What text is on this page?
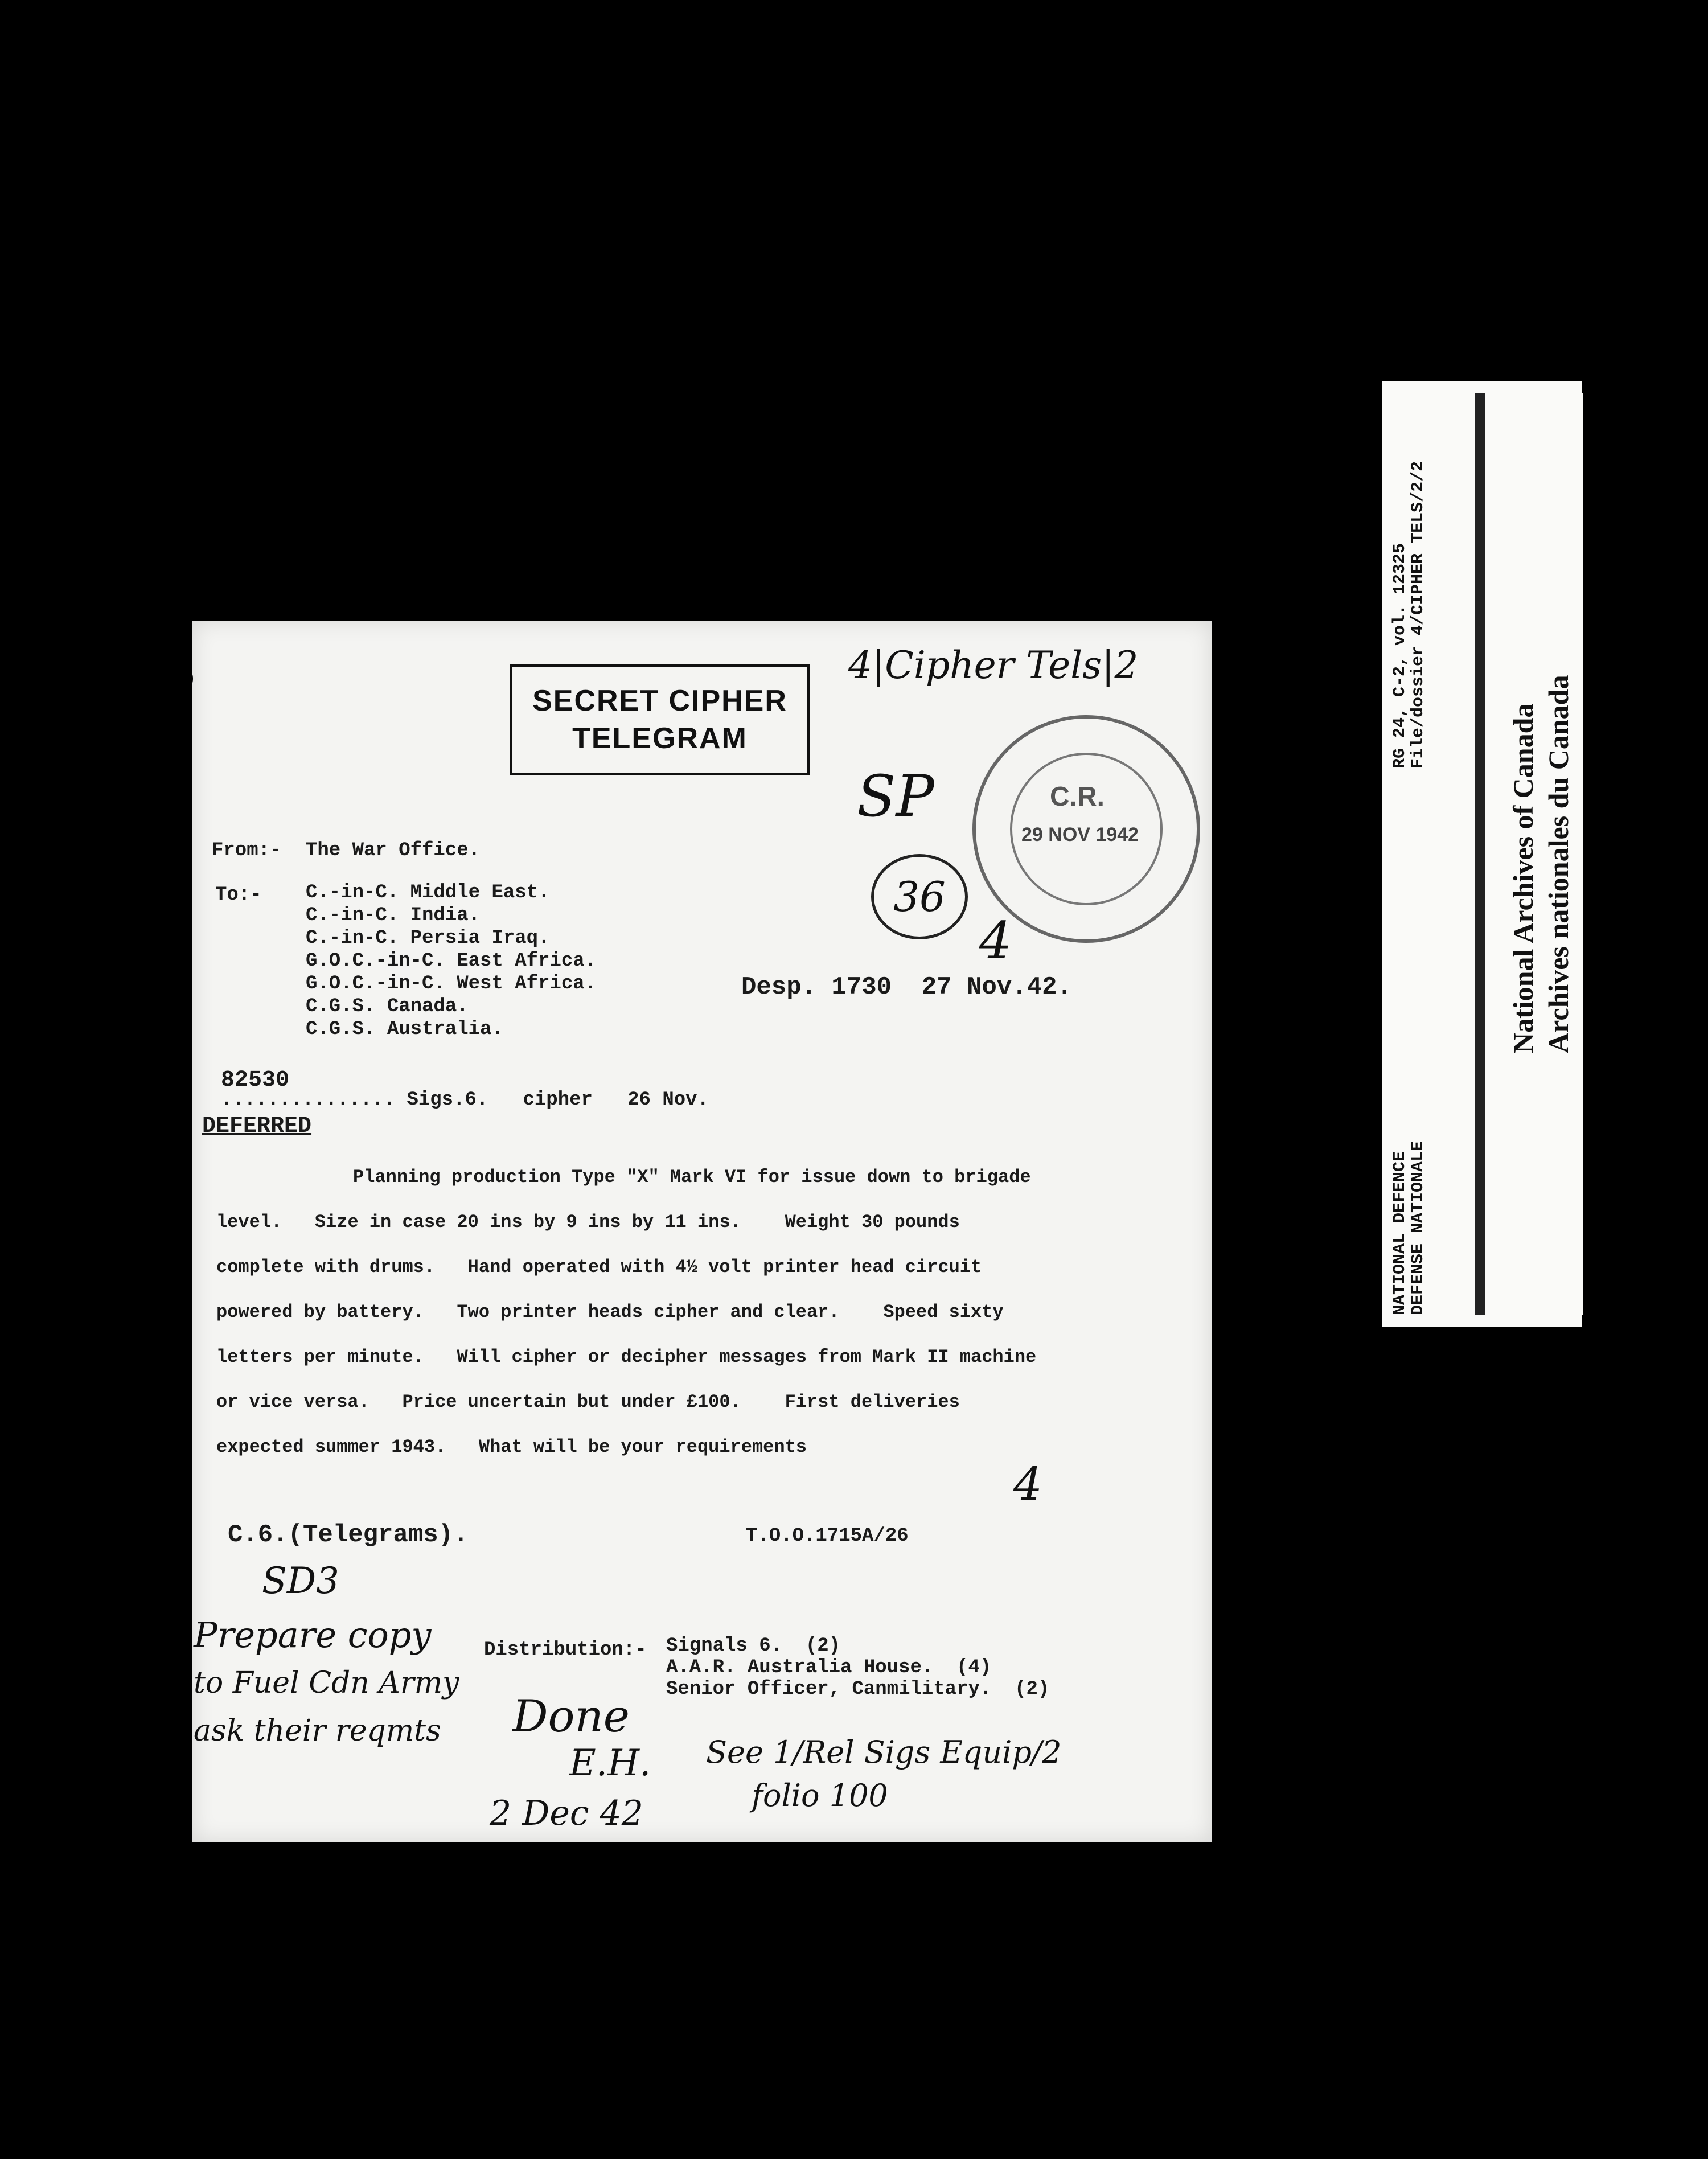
SECRET CIPHER
TELEGRAM
4|Cipher Tels|2
C.R.
29 NOV 1942
SP
36
4
From:- The War Office.
To:- C.-in-C. Middle East.
C.-in-C. India.
C.-in-C. Persia Iraq.
G.O.C.-in-C. East Africa.
G.O.C.-in-C. West Africa.
C.G.S. Canada.
C.G.S. Australia.
Desp. 1730  27 Nov.42.
82530
............... Sigs.6.   cipher   26 Nov.
DEFERRED
Planning production Type "X" Mark VI for issue down to brigade
level.   Size in case 20 ins by 9 ins by 11 ins.    Weight 30 pounds
complete with drums.   Hand operated with 4½ volt printer head circuit
powered by battery.   Two printer heads cipher and clear.    Speed sixty
letters per minute.   Will cipher or decipher messages from Mark II machine
or vice versa.   Price uncertain but under £100.    First deliveries
expected summer 1943.   What will be your requirements
C.6.(Telegrams).	T.O.O.1715A/26
4
SD3
Prepare copy
to Fuel Cdn Army
ask their reqmts
Distribution:- Signals 6.  (2)
A.A.R. Australia House.  (4)
Senior Officer, Canmilitary.  (2)
Done
E.H.
2 Dec 42
See 1/Rel Sigs Equip/2
folio 100
RG 24, C-2, vol. 12325
File/dossier 4/CIPHER TELS/2/2
NATIONAL DEFENCE
DEFENSE NATIONALE
National Archives of Canada Archives nationales du Canada
